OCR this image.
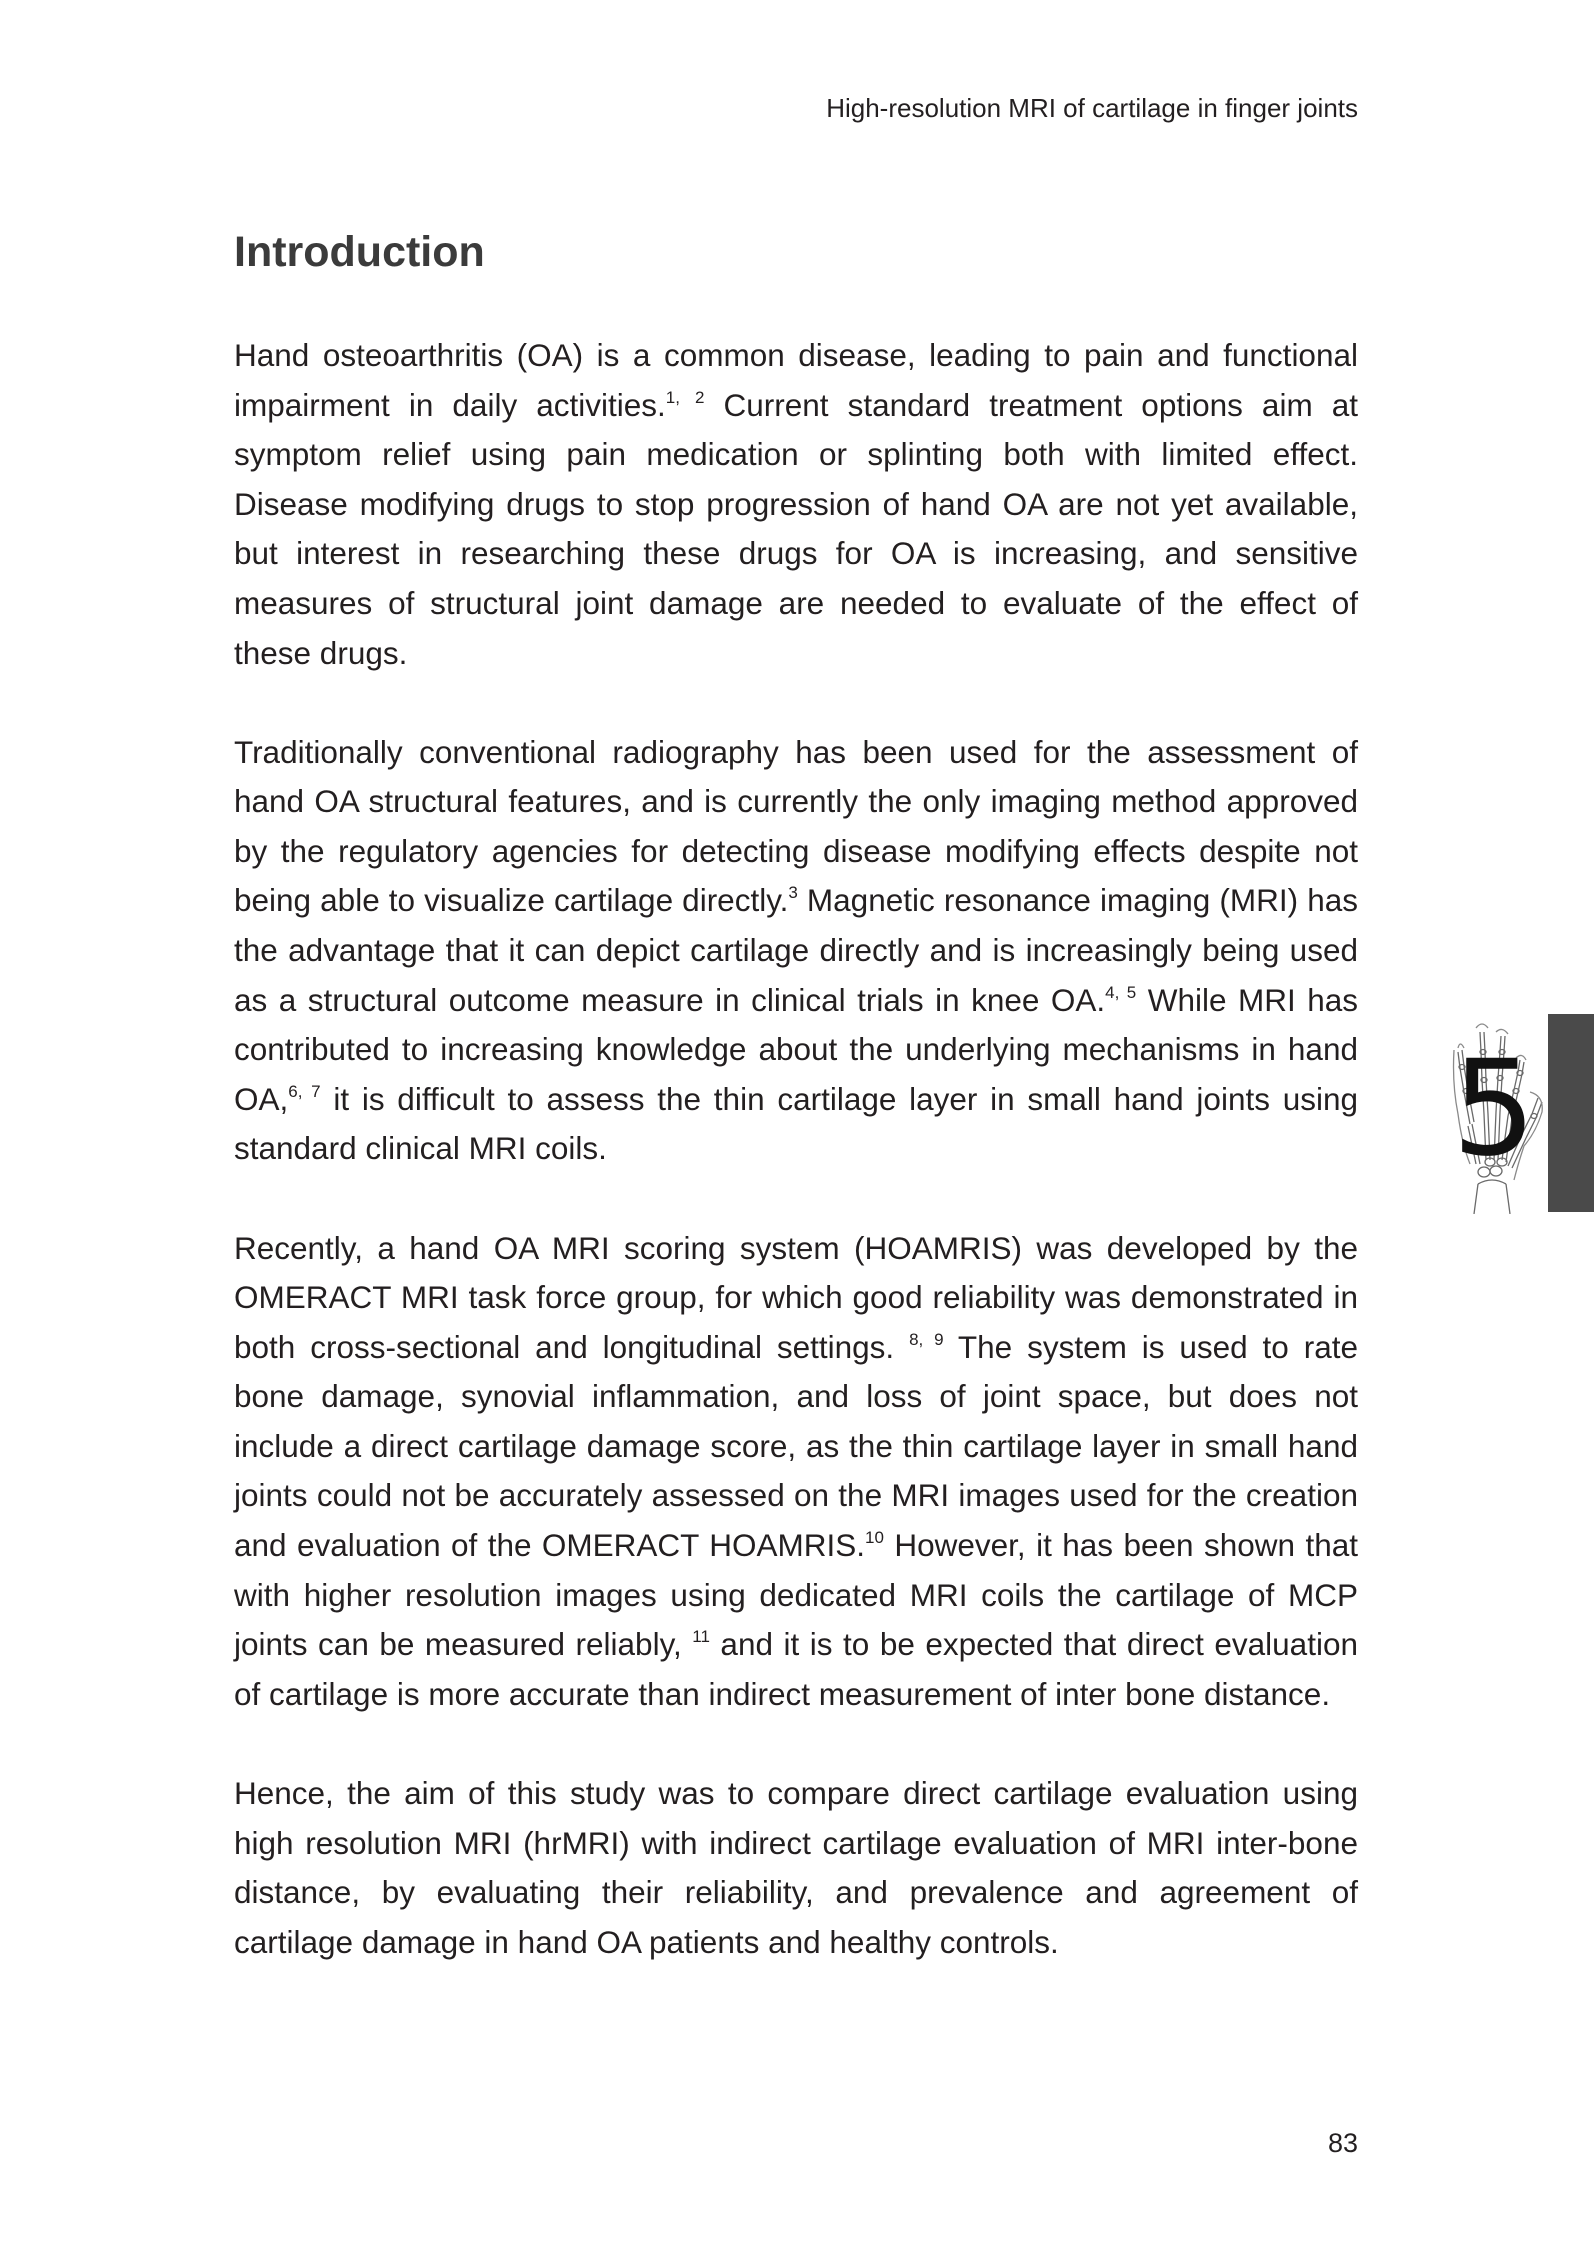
High-resolution MRI of cartilage in finger joints
Introduction

Hand osteoarthritis (OA) is a common disease, leading to pain and functional impairment in daily activities.$^{1, 2}$ Current standard treatment options aim at symptom relief using pain medication or splinting both with limited effect. Disease modifying drugs to stop progression of hand OA are not yet available, but interest in researching these drugs for OA is increasing, and sensitive measures of structural joint damage are needed to evaluate of the effect of these drugs.

Traditionally conventional radiography has been used for the assessment of hand OA structural features, and is currently the only imaging method approved by the regulatory agencies for detecting disease modifying effects despite not being able to visualize cartilage directly.$^3$ Magnetic resonance imaging (MRI) has the advantage that it can depict cartilage directly and is increasingly being used as a structural outcome measure in clinical trials in knee OA.$^{4, 5}$ While MRI has contributed to increasing knowledge about the underlying mechanisms in hand OA,$^{6, 7}$ it is difficult to assess the thin cartilage layer in small hand joints using standard clinical MRI coils.

Recently, a hand OA MRI scoring system (HOAMRIS) was developed by the OMERACT MRI task force group, for which good reliability was demonstrated in both cross-sectional and longitudinal settings. $^{8, 9}$ The system is used to rate bone damage, synovial inflammation, and loss of joint space, but does not include a direct cartilage damage score, as the thin cartilage layer in small hand joints could not be accurately assessed on the MRI images used for the creation and evaluation of the OMERACT HOAMRIS.$^{10}$ However, it has been shown that with higher resolution images using dedicated MRI coils the cartilage of MCP joints can be measured reliably, $^{11}$ and it is to be expected that direct evaluation of cartilage is more accurate than indirect measurement of inter bone distance.

Hence, the aim of this study was to compare direct cartilage evaluation using high resolution MRI (hrMRI) with indirect cartilage evaluation of MRI inter-bone distance, by evaluating their reliability, and prevalence and agreement of cartilage damage in hand OA patients and healthy controls.

5
83
